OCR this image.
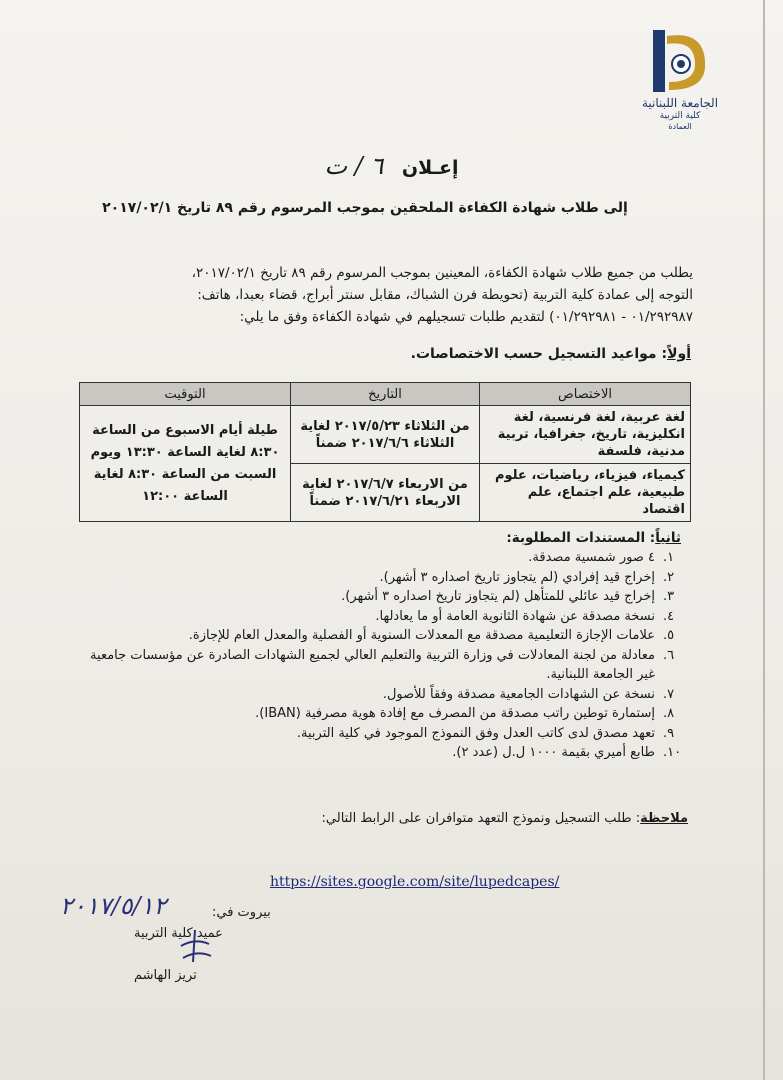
الجامعة اللبنانية
كلية التربية
العمادة
إعـلان ٦ / ت
إلى طلاب شهادة الكفاءة الملحقين بموجب المرسوم رقم ٨٩ تاريخ ٢٠١٧/٠٢/١
يطلب من جميع طلاب شهادة الكفاءة، المعينين بموجب المرسوم رقم ٨٩ تاريخ ٢٠١٧/٠٢/١،
التوجه إلى عمادة كلية التربية (تحويطة فرن الشباك، مقابل سنتر أبراج، قضاء بعبدا، هاتف:
٠١/٢٩٢٩٨٧ - ٠١/٢٩٢٩٨١) لتقديم طلبات تسجيلهم في شهادة الكفاءة وفق ما يلي:
أولاً: مواعيد التسجيل حسب الاختصاصات.
الاختصاص	التاريخ	التوقيت
لغة عربية، لغة فرنسية، لغة انكليزية، تاريخ، جغرافيا، تربية مدنية، فلسفة	من الثلاثاء ٢٠١٧/٥/٢٣ لغاية الثلاثاء ٢٠١٧/٦/٦ ضمناً	طيلة أيام الاسبوع من الساعة ٨:٣٠ لغاية الساعة ١٣:٣٠ ويوم السبت من الساعة ٨:٣٠ لغاية الساعة ١٢:٠٠
كيمياء، فيزياء، رياضيات، علوم طبيعية، علم اجتماع، علم اقتصاد	من الاربعاء ٢٠١٧/٦/٧ لغاية الاربعاء ٢٠١٧/٦/٢١ ضمناً	
ثانياً: المستندات المطلوبة:
١.
٤ صور شمسية مصدقة.
٢.
إخراج قيد إفرادي (لم يتجاوز تاريخ اصداره ٣ أشهر).
٣.
إخراج قيد عائلي للمتأهل (لم يتجاوز تاريخ اصداره ٣ أشهر).
٤.
نسخة مصدقة عن شهادة الثانوية العامة أو ما يعادلها.
٥.
علامات الإجازة التعليمية مصدقة مع المعدلات السنوية أو الفصلية والمعدل العام للإجازة.
٦.
معادلة من لجنة المعادلات في وزارة التربية والتعليم العالي لجميع الشهادات الصادرة عن مؤسسات جامعية غير الجامعة اللبنانية.
٧.
نسخة عن الشهادات الجامعية مصدقة وفقاً للأصول.
٨.
إستمارة توطين راتب مصدقة من المصرف مع إفادة هوية مصرفية (IBAN).
٩.
تعهد مصدق لدى كاتب العدل وفق النموذج الموجود في كلية التربية.
١٠.
طابع أميري بقيمة ١٠٠٠ ل.ل (عدد ٢).
ملاحظة: طلب التسجيل ونموذج التعهد متوافران على الرابط التالي:
https://sites.google.com/site/lupedcapes/
٢٠١٧/٥/١٢	بيروت في:
عميد كلية التربية
تريز الهاشم
